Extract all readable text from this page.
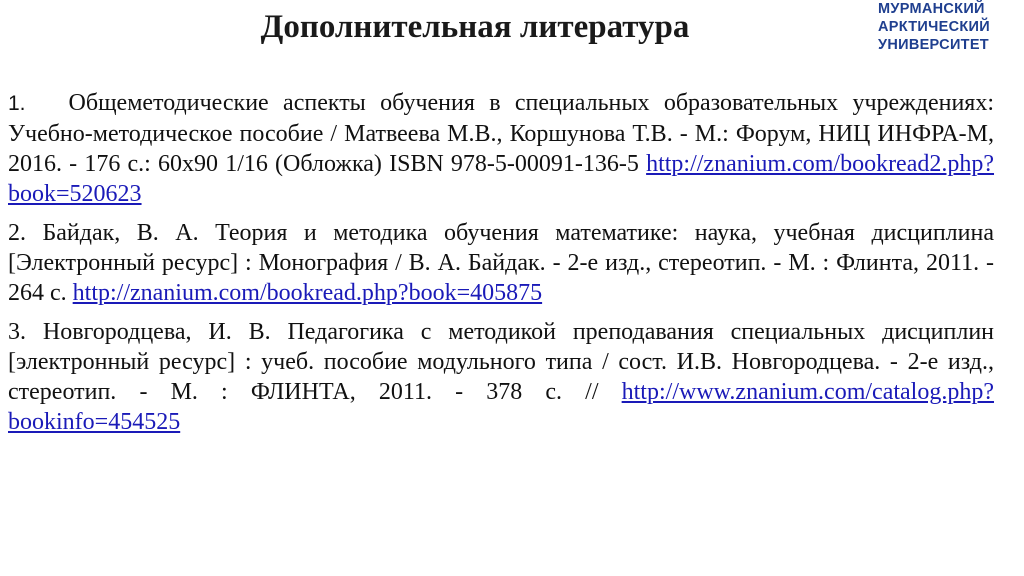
Дополнительная литература	МУРМАНСКИЙ
АРКТИЧЕСКИЙ
УНИВЕРСИТЕТ

1. Общеметодические аспекты обучения в специальных образовательных учреждениях: Учебно-методическое пособие / Матвеева М.В., Коршунова Т.В. - М.: Форум, НИЦ ИНФРА-М, 2016. - 176 с.: 60х90 1/16 (Обложка) ISBN 978-5-00091-136-5 http://znanium.com/bookread2.php?book=520623

2. Байдак, В. А. Теория и методика обучения математике: наука, учебная дисциплина [Электронный ресурс] : Монография / В. А. Байдак. - 2-е изд., стереотип. - М. : Флинта, 2011. - 264 с. http://znanium.com/bookread.php?book=405875

3. Новгородцева, И. В. Педагогика с методикой преподавания специальных дисциплин [электронный ресурс] : учеб. пособие модульного типа / сост. И.В. Новгородцева. - 2-е изд., стереотип. - М. : ФЛИНТА, 2011. - 378 с. // http://www.znanium.com/catalog.php?bookinfo=454525
